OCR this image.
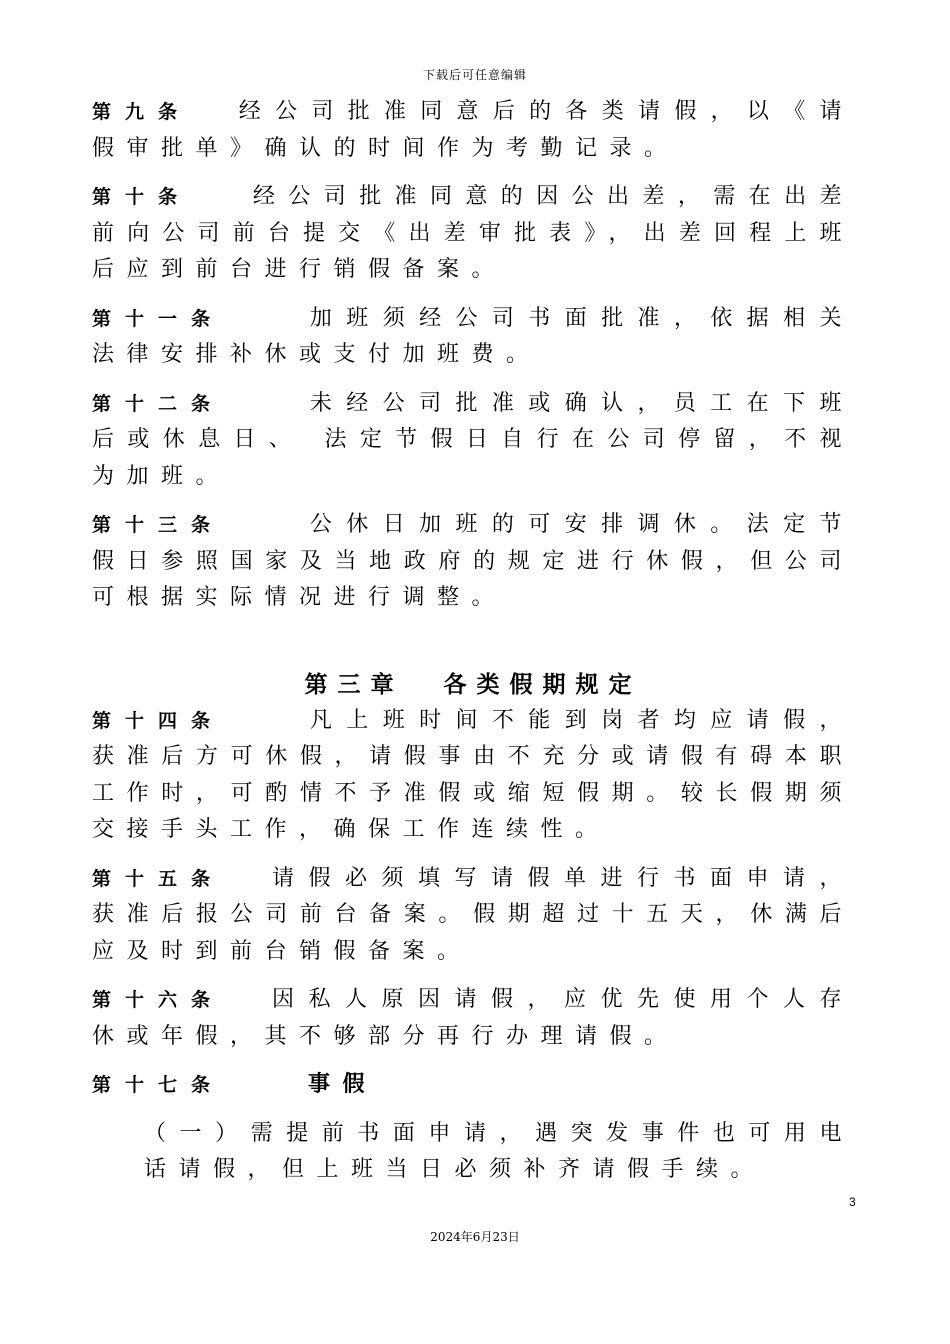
下载后可任意编辑

第九条 经公司批准同意后的各类请假，以《请假审批单》确认的时间作为考勤记录。

第十条	经公司批准同意的因公出差，需在出差前向公司前台提交《出差审批表》，出差回程上班后应到前台进行销假备案。

第十一条	加班须经公司书面批准，依据相关法律安排补休或支付加班费。

第十二条	未经公司批准或确认，员工在下班后或休息日、 法定节假日自行在公司停留，不视为加班。

第十三条	公休日加班的可安排调休。法定节假日参照国家及当地政府的规定进行休假，但公司可根据实际情况进行调整。

第三章 各类假期规定

第十四条	凡上班时间不能到岗者均应请假，获准后方可休假，请假事由不充分或请假有碍本职工作时，可酌情不予准假或缩短假期。较长假期须交接手头工作，确保工作连续性。

第十五条 请假必须填写请假单进行书面申请，获准后报公司前台备案。假期超过十五天，休满后应及时到前台销假备案。

第十六条 因私人原因请假，应优先使用个人存休或年假，其不够部分再行办理请假。

第十七条	事假

（一）需提前书面申请，遇突发事件也可用电话请假，但上班当日必须补齐请假手续。

3
2024年6月23日
